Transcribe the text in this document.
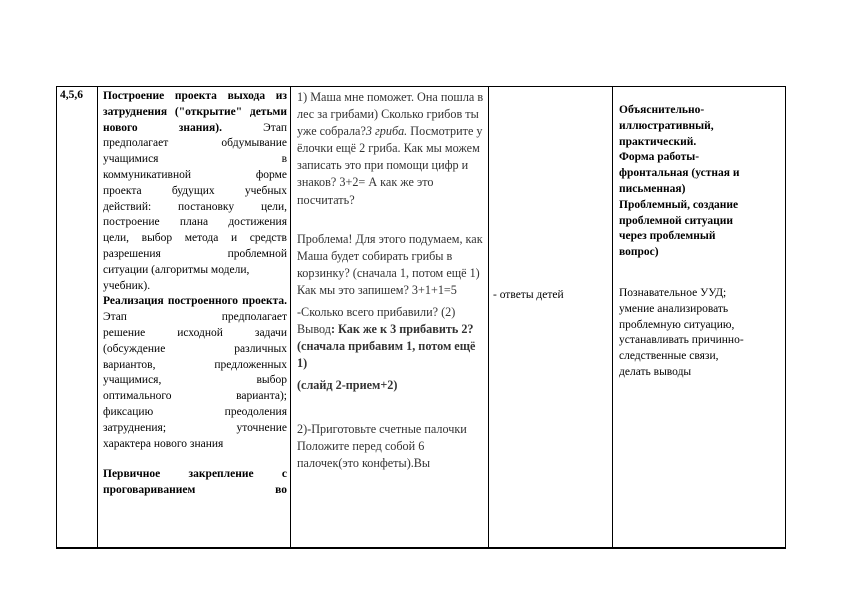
4,5,6	Построение проекта выхода из затруднения ("открытие" детьми нового знания).	Этап

предполагает обдумывание

учащимися в

коммуникативной форме

проекта будущих учебных

действий: постановку цели,

построение плана достижения

цели, выбор метода и средств

разрешения проблемной

ситуации (алгоритмы модели,

учебник).

Реализация построенного проекта. Этап предполагает

решение исходной задачи

(обсуждение различных

вариантов, предложенных

учащимися, выбор

оптимального варианта);

фиксацию преодоления

затруднения; уточнение

характера нового знания

Первичное закрепление с

проговариванием во

1) Маша мне поможет. Она пошла в лес за грибами) Сколько грибов ты уже собрала?3 гриба. Посмотрите у ёлочки ещё 2 гриба. Как мы можем записать это при помощи цифр и знаков? 3+2= А как же это посчитать?

Проблема! Для этого подумаем, как Маша будет собирать грибы в корзинку? (сначала 1, потом ещё 1) Как мы это запишем? 3+1+1=5

-Сколько всего прибавили? (2) Вывод: Как же к 3 прибавить 2? (сначала прибавим 1, потом ещё 1)

(слайд 2-прием+2)

2)-Приготовьте счетные палочки Положите перед собой 6 палочек(это конфеты).Вы

- ответы детей

Объяснительно-

иллюстративный,

практический.

Форма работы-

фронтальная (устная и

письменная)

Проблемный, создание

проблемной ситуации

через проблемный

вопрос)

Познавательное УУД;

умение анализировать

проблемную ситуацию,

устанавливать причинно-

следственные связи,

делать выводы
